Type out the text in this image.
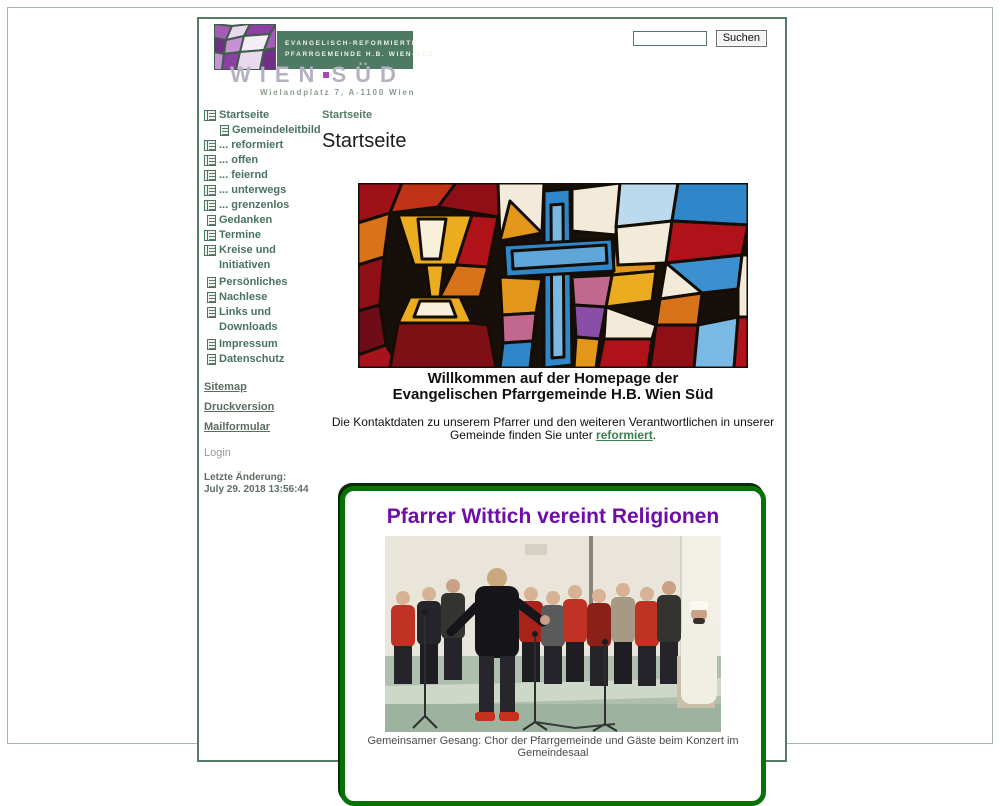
EVANGELISCH-REFORMIERTE
PFARRGEMEINDE H.B. WIEN-SÜD
WIEN SÜD
Wielandplatz 7, A-1100 Wien
Suchen
Startseite
Gemeindeleitbild
... reformiert
... offen
... feiernd
... unterwegs
... grenzenlos
Gedanken
Termine
Kreise und Initiativen
Persönliches
Nachlese
Links und Downloads
Impressum
Datenschutz
Sitemap
Druckversion
Mailformular
Login
Letzte Änderung:
July 29. 2018 13:56:44
Startseite
Startseite
Willkommen auf der Homepage der
Evangelischen Pfarrgemeinde H.B. Wien Süd
Die Kontaktdaten zu unserem Pfarrer und den weiteren Verantwortlichen in unserer Gemeinde finden Sie unter reformiert.
Pfarrer Wittich vereint Religionen
Gemeinsamer Gesang: Chor der Pfarrgemeinde und Gäste beim Konzert im Gemeindesaal
